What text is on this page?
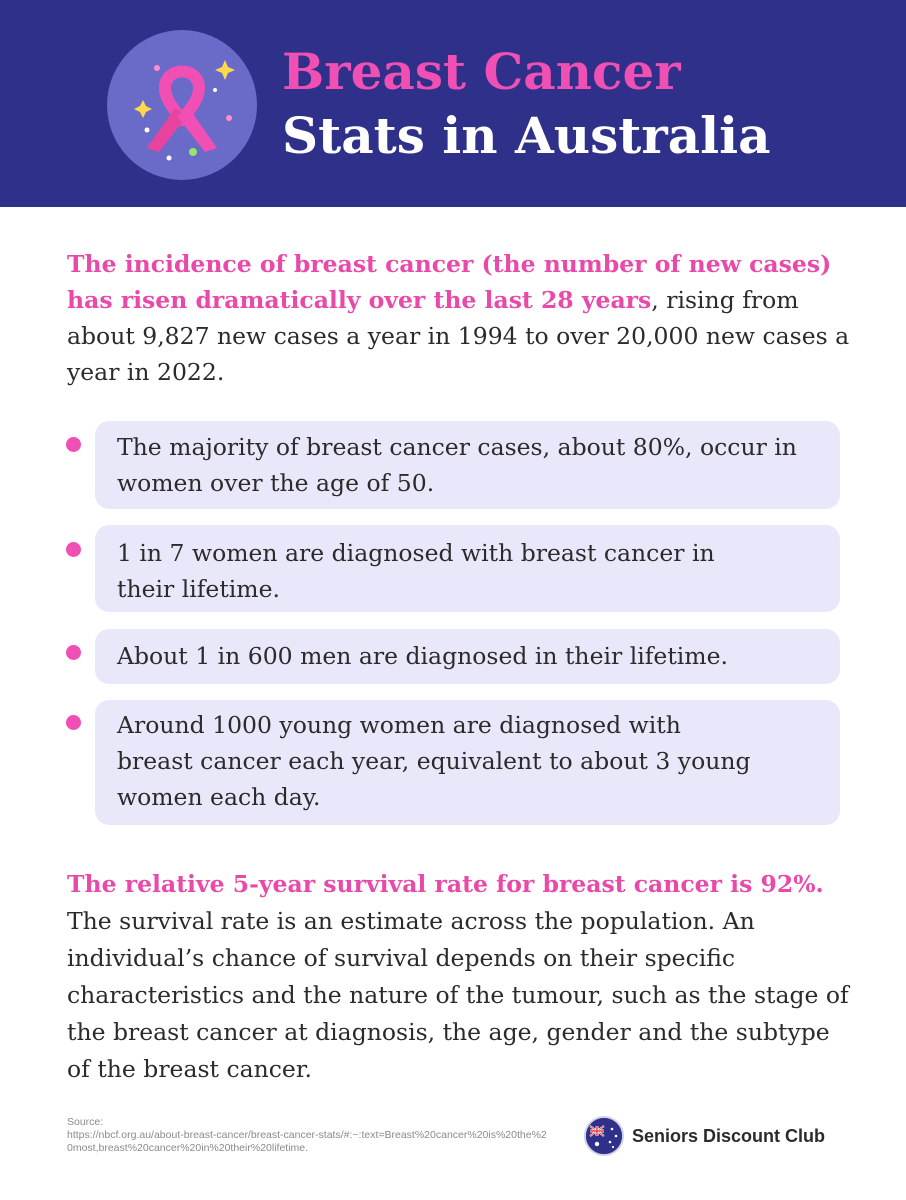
Breast Cancer
Stats in Australia
The incidence of breast cancer (the number of new cases) has risen dramatically over the last 28 years, rising from about 9,827 new cases a year in 1994 to over 20,000 new cases a year in 2022.
The majority of breast cancer cases, about 80%, occur in women over the age of 50.
1 in 7 women are diagnosed with breast cancer in their lifetime.
About 1 in 600 men are diagnosed in their lifetime.
Around 1000 young women are diagnosed with breast cancer each year, equivalent to about 3 young women each day.
The relative 5-year survival rate for breast cancer is 92%. The survival rate is an estimate across the population. An individual’s chance of survival depends on their specific characteristics and the nature of the tumour, such as the stage of the breast cancer at diagnosis, the age, gender and the subtype of the breast cancer.
Source:
https://nbcf.org.au/about-breast-cancer/breast-cancer-stats/#:~:text=Breast%20cancer%20is%20the%20most,breast%20cancer%20in%20their%20lifetime.
Seniors Discount Club
